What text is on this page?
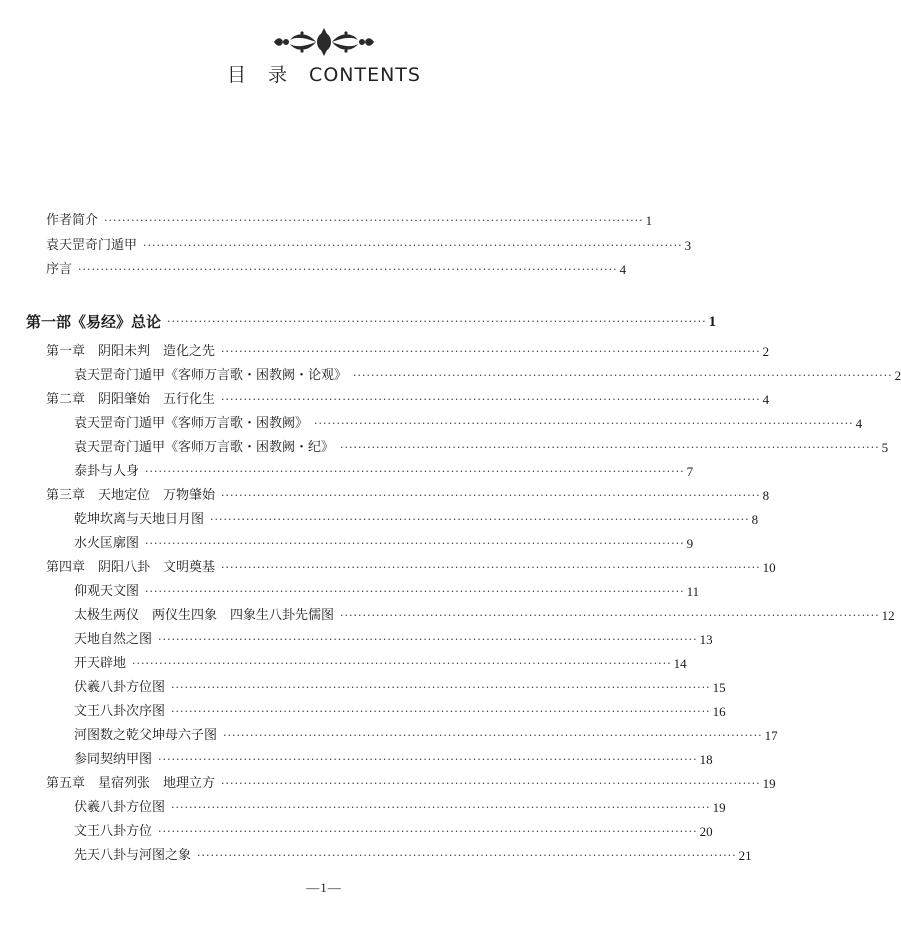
目 录 CONTENTS
作者简介 ························································································································ 1
袁天罡奇门遁甲 ························································································································ 3
序言 ························································································································ 4
第一部《易经》总论 ························································································································ 1
第一章　阴阳未判　造化之先 ························································································································ 2
袁天罡奇门遁甲《客师万言歌・困教阙・论观》 ························································································································ 2
第二章　阴阳肇始　五行化生 ························································································································ 4
袁天罡奇门遁甲《客师万言歌・困教阙》 ························································································································ 4
袁天罡奇门遁甲《客师万言歌・困教阙・纪》 ························································································································ 5
泰卦与人身 ························································································································ 7
第三章　天地定位　万物肇始 ························································································································ 8
乾坤坎离与天地日月图 ························································································································ 8
水火匡廓图 ························································································································ 9
第四章　阴阳八卦　文明奠基 ························································································································ 10
仰观天文图 ························································································································ 11
太极生两仪　两仪生四象　四象生八卦先儒图 ························································································································ 12
天地自然之图 ························································································································ 13
开天辟地 ························································································································ 14
伏羲八卦方位图 ························································································································ 15
文王八卦次序图 ························································································································ 16
河图数之乾父坤母六子图 ························································································································ 17
参同契纳甲图 ························································································································ 18
第五章　星宿列张　地理立方 ························································································································ 19
伏羲八卦方位图 ························································································································ 19
文王八卦方位 ························································································································ 20
先天八卦与河图之象 ························································································································ 21
—1—
